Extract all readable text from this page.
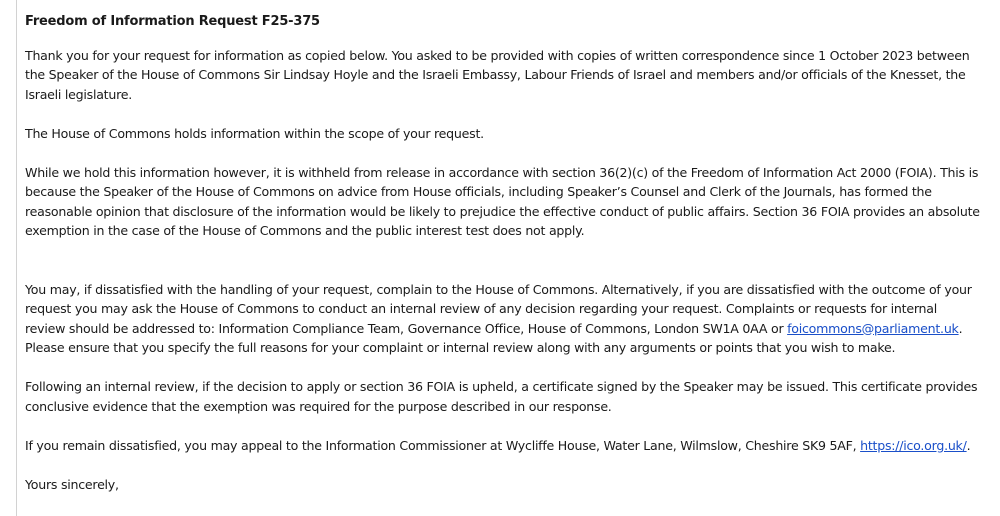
Freedom of Information Request F25-375

Thank you for your request for information as copied below. You asked to be provided with copies of written correspondence since 1 October 2023 between the Speaker of the House of Commons Sir Lindsay Hoyle and the Israeli Embassy, Labour Friends of Israel and members and/or officials of the Knesset, the Israeli legislature.

The House of Commons holds information within the scope of your request.

While we hold this information however, it is withheld from release in accordance with section 36(2)(c) of the Freedom of Information Act 2000 (FOIA). This is because the Speaker of the House of Commons on advice from House officials, including Speaker’s Counsel and Clerk of the Journals, has formed the reasonable opinion that disclosure of the information would be likely to prejudice the effective conduct of public affairs. Section 36 FOIA provides an absolute exemption in the case of the House of Commons and the public interest test does not apply.

You may, if dissatisfied with the handling of your request, complain to the House of Commons. Alternatively, if you are dissatisfied with the outcome of your request you may ask the House of Commons to conduct an internal review of any decision regarding your request. Complaints or requests for internal review should be addressed to: Information Compliance Team, Governance Office, House of Commons, London SW1A 0AA or foicommons@parliament.uk. Please ensure that you specify the full reasons for your complaint or internal review along with any arguments or points that you wish to make.

Following an internal review, if the decision to apply or section 36 FOIA is upheld, a certificate signed by the Speaker may be issued. This certificate provides conclusive evidence that the exemption was required for the purpose described in our response.

If you remain dissatisfied, you may appeal to the Information Commissioner at Wycliffe House, Water Lane, Wilmslow, Cheshire SK9 5AF, https://ico.org.uk/.

Yours sincerely,
